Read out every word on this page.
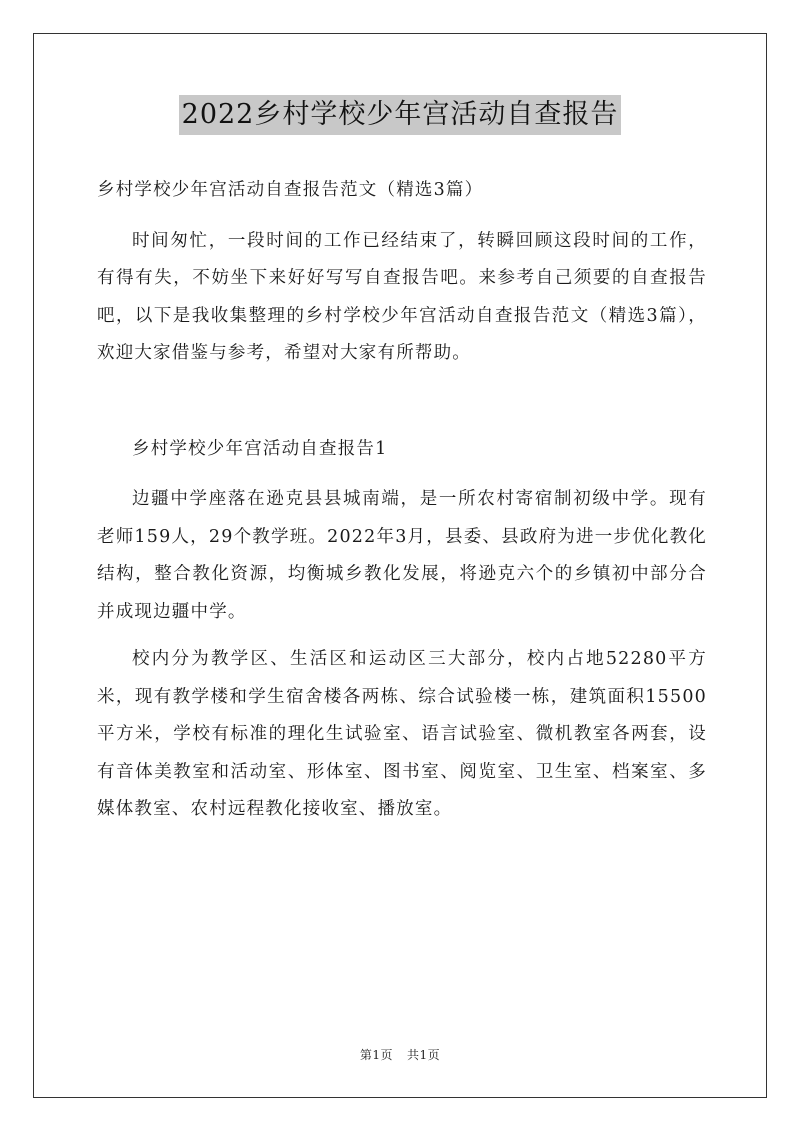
2022乡村学校少年宫活动自查报告

乡村学校少年宫活动自查报告范文（精选3篇）

时间匆忙，一段时间的工作已经结束了，转瞬回顾这段时间的工作，有得有失，不妨坐下来好好写写自查报告吧。来参考自己须要的自查报告吧，以下是我收集整理的乡村学校少年宫活动自查报告范文（精选3篇），欢迎大家借鉴与参考，希望对大家有所帮助。

乡村学校少年宫活动自查报告1

边疆中学座落在逊克县县城南端，是一所农村寄宿制初级中学。现有老师159人，29个教学班。2022年3月，县委、县政府为进一步优化教化结构，整合教化资源，均衡城乡教化发展，将逊克六个的乡镇初中部分合并成现边疆中学。

校内分为教学区、生活区和运动区三大部分，校内占地52280平方米，现有教学楼和学生宿舍楼各两栋、综合试验楼一栋，建筑面积15500平方米，学校有标准的理化生试验室、语言试验室、微机教室各两套，设有音体美教室和活动室、形体室、图书室、阅览室、卫生室、档案室、多媒体教室、农村远程教化接收室、播放室。

第1页 共1页
